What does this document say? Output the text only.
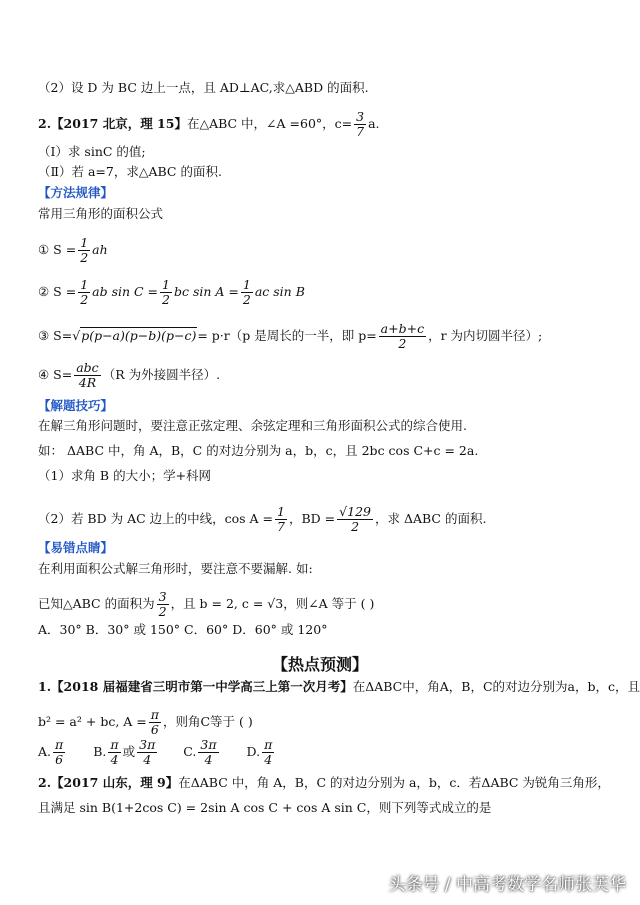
（2）设 D 为 BC 边上一点，且 AD⊥AC,求△ABD 的面积.
2.【2017 北京，理 15】在△ABC 中，∠A =60°，$c= \frac{3}{7} a$.
（Ⅰ）求 sinC 的值;
（Ⅱ）若 a=7，求△ABC 的面积.
【方法规律】
常用三角形的面积公式
① $S = \frac{1}{2}$ ah
② $S = \frac{1}{2}$ ab $\sin C = \frac{1}{2}$ bc $\sin A = \frac{1}{2}$ ac sin B
③ S=√p(p−a)(p−b)(p−c)= p·r（p 是周长的一半，即 $p= \frac{a+b+c}{2}$ ，r 为内切圆半径）;
④ $S= \frac{\text{abc}}{4R} (R$ 为外接圆半径）.
【解题技巧】
在解三角形问题时，要注意正弦定理、余弦定理和三角形面积公式的综合使用.
如： ΔABC 中，角 A，B，C 的对边分别为 a，b，c，且 2bc cos C+c = 2a.
（1）求角 B 的大小；学+科网
（2）若 BD 为 AC 边上的中线，$\cos A = \frac{1}{7}$ ，BD = $\frac{√129}{2}$ ，求 ΔABC 的面积.
【易错点睛】
在利用面积公式解三角形时，要注意不要漏解. 如:
已知△ABC 的面积为 $\frac{3}{2}$ ，且 b = 2, c = √3，则∠A 等于 ( )
A．30° B．30° 或 150° C．60° D．60° 或 120°
【热点预测】
1.【2018 届福建省三明市第一中学高三上第一次月考】在ΔABC中，角A，B，C的对边分别为a，b，c，且
b² = a² + bc, $A = \frac{\pi}{6}$ ，则角C等于 ( )
A. $\frac{\pi}{6} B$. $\frac{\pi}{4}$ 或 $\frac{3\pi}{4} C$. $\frac{3\pi}{4} D$. $\frac{\pi}{4}$
2.【2017 山东，理 9】在ΔABC 中，角 A，B，C 的对边分别为 a，b，c．若ΔABC 为锐角三角形，
且满足 sin B(1+2cos C) = 2sin A cos C + cos A sin C，则下列等式成立的是
头条号 / 中高考数学名师张芙华
